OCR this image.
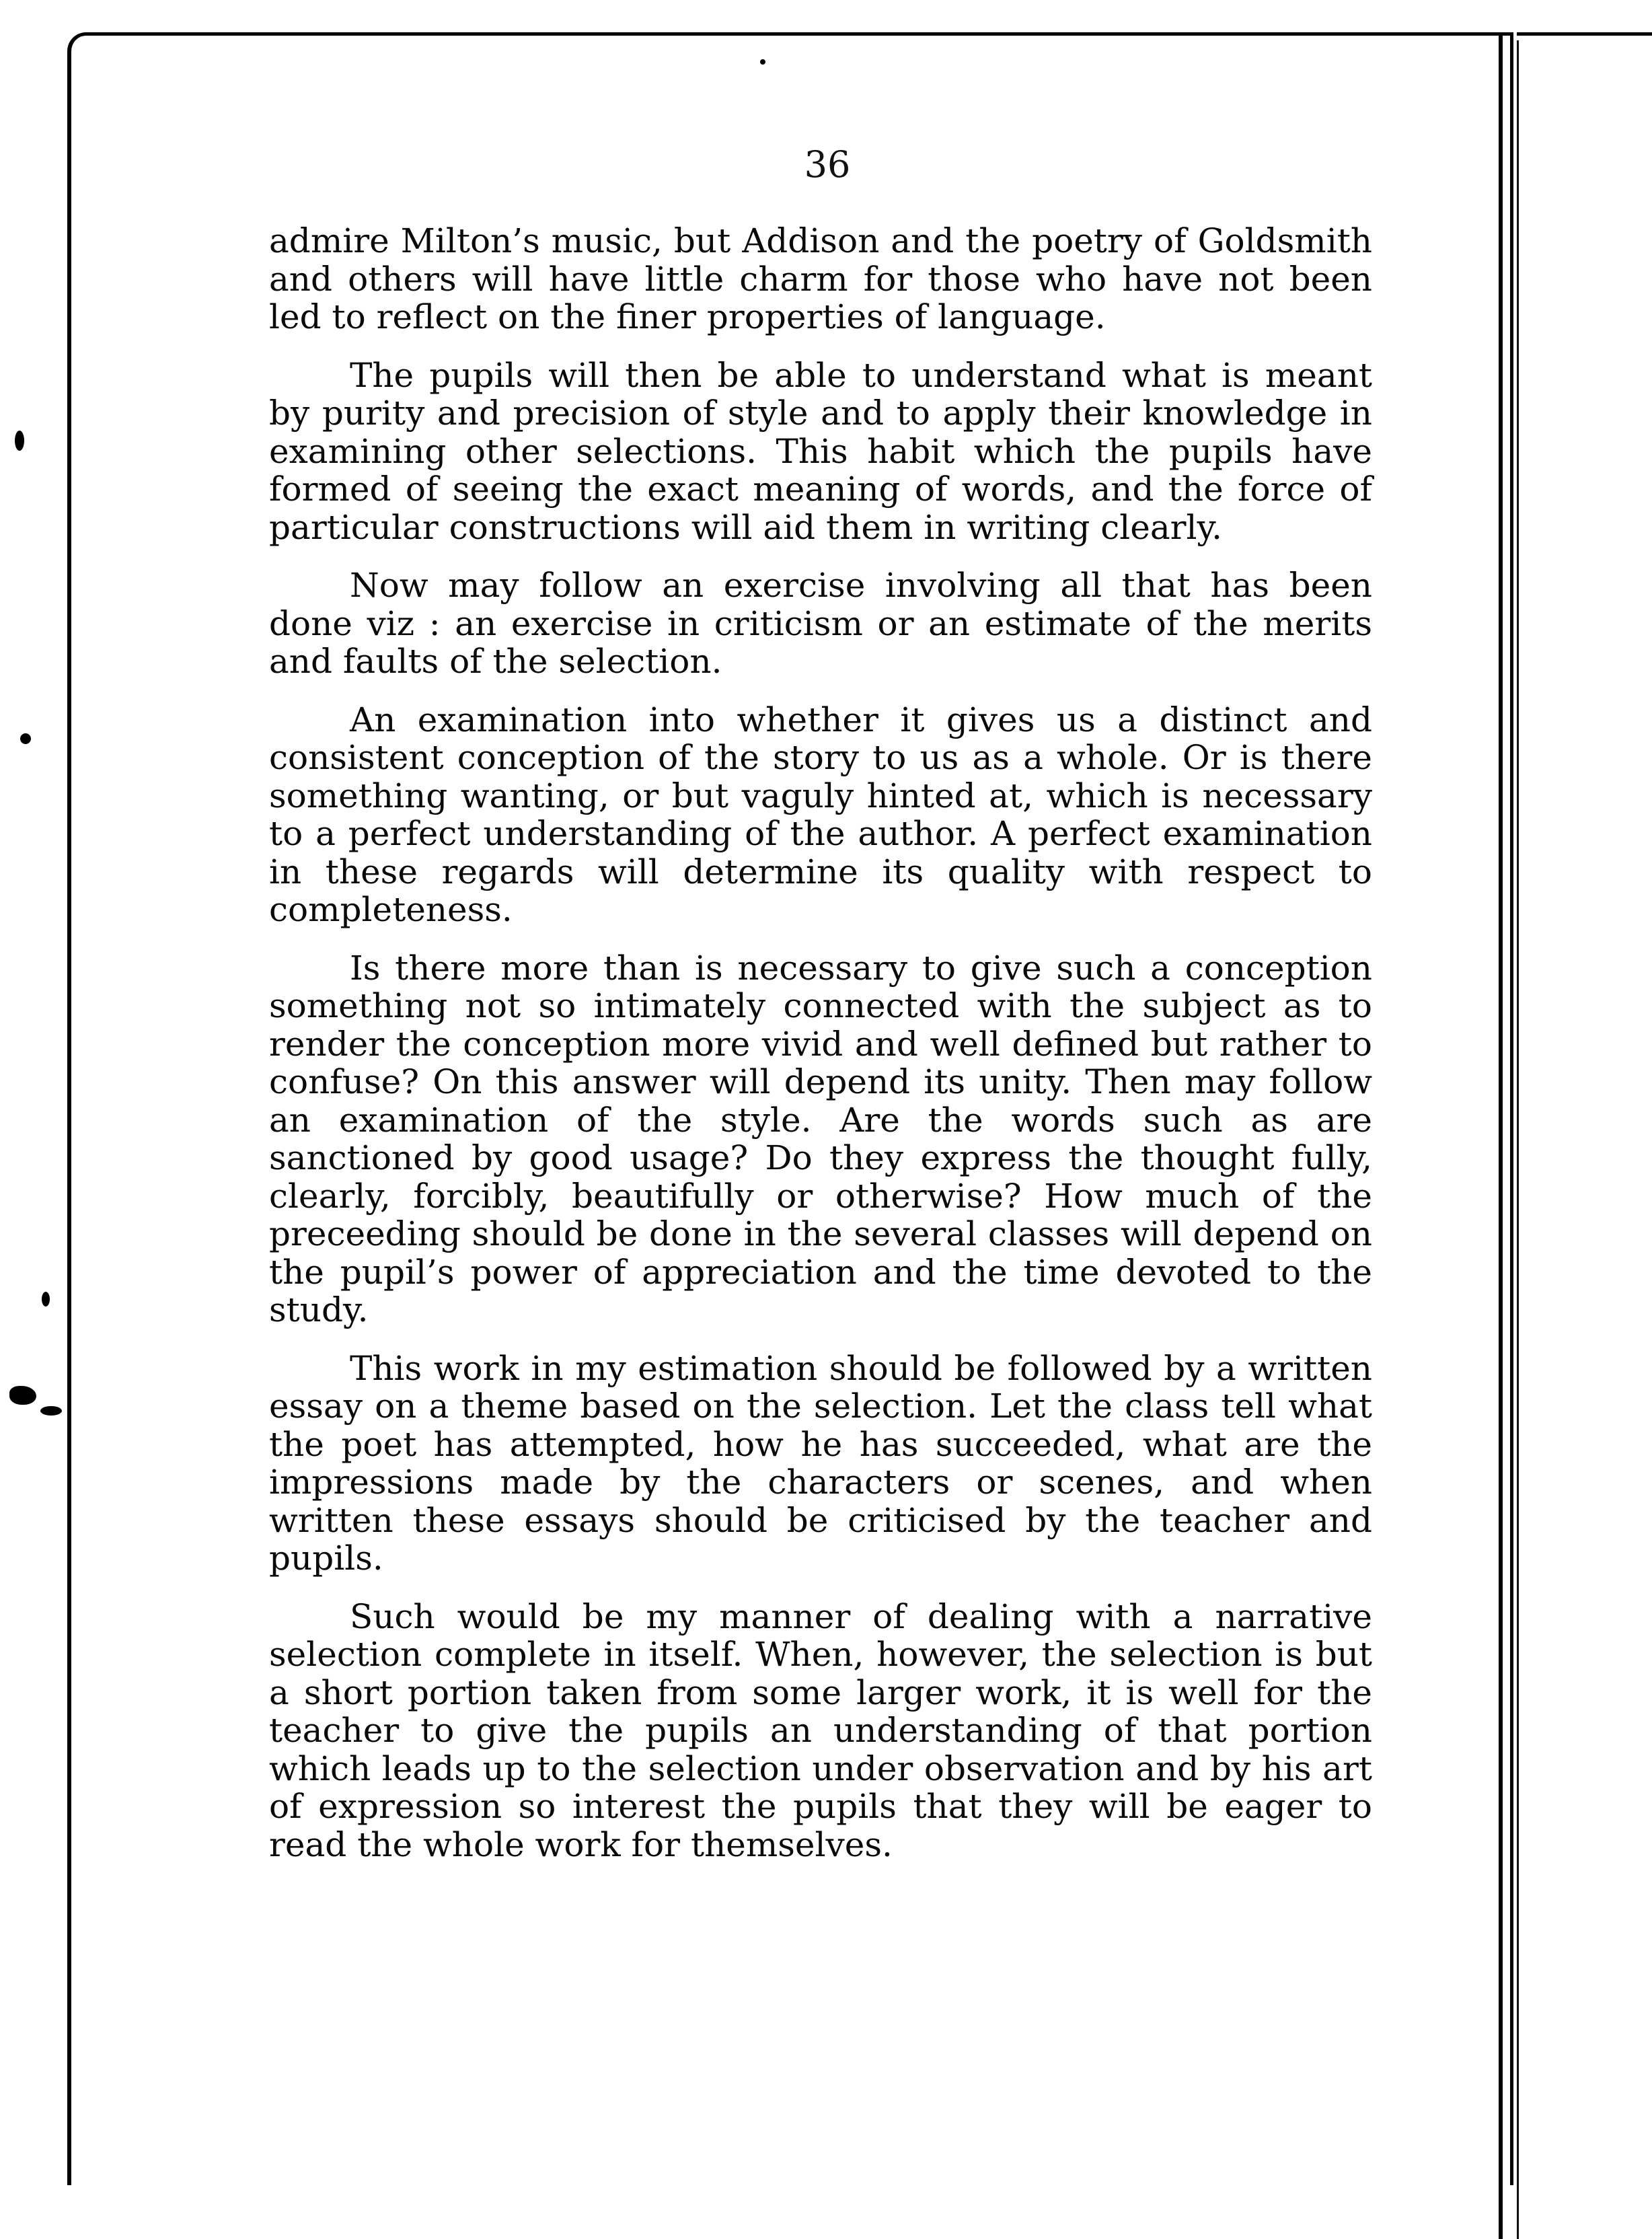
36

admire Milton’s music, but Addison and the poetry of Goldsmith and others will have little charm for those who have not been led to reflect on the finer properties of language.

The pupils will then be able to understand what is meant by purity and precision of style and to apply their knowledge in examining other selections. This habit which the pupils have formed of seeing the exact meaning of words, and the force of particular constructions will aid them in writing clearly.

Now may follow an exercise involving all that has been done viz : an exercise in criticism or an estimate of the merits and faults of the selection.

An examination into whether it gives us a distinct and consistent conception of the story to us as a whole. Or is there something wanting, or but vaguly hinted at, which is necessary to a perfect understanding of the author. A perfect examination in these regards will determine its quality with respect to completeness.

Is there more than is necessary to give such a conception something not so intimately connected with the subject as to render the conception more vivid and well defined but rather to confuse? On this answer will depend its unity. Then may follow an examination of the style. Are the words such as are sanctioned by good usage? Do they express the thought fully, clearly, forcibly, beautifully or otherwise? How much of the preceeding should be done in the several classes will depend on the pupil’s power of appreciation and the time devoted to the study.

This work in my estimation should be followed by a written essay on a theme based on the selection. Let the class tell what the poet has attempted, how he has succeeded, what are the impressions made by the characters or scenes, and when written these essays should be criticised by the teacher and pupils.

Such would be my manner of dealing with a narrative selection complete in itself. When, however, the selection is but a short portion taken from some larger work, it is well for the teacher to give the pupils an understanding of that portion which leads up to the selection under observation and by his art of expression so interest the pupils that they will be eager to read the whole work for themselves.
